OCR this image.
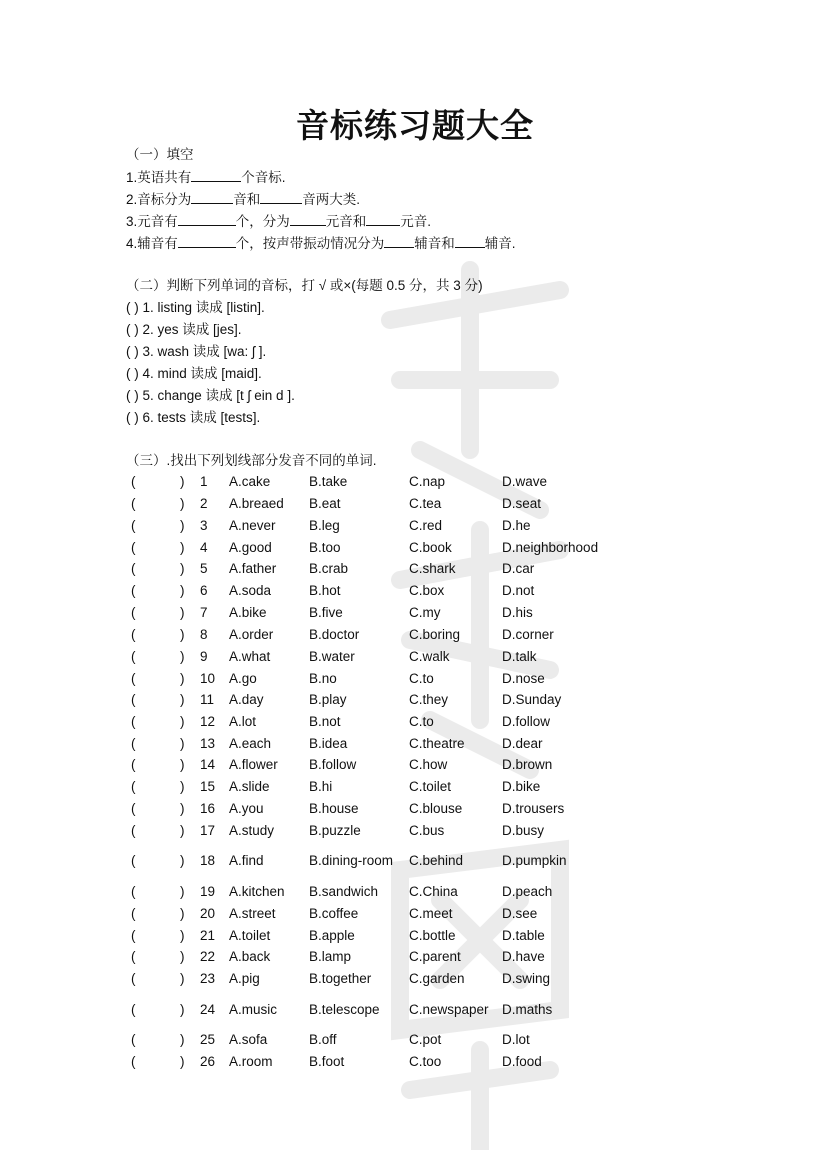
音标练习题大全
（一）填空
1.英语共有	个音标.
2.音标分为	音和	音两大类.
3.元音有	个，分为	元音和	元音.
4.辅音有	个，按声带振动情况分为 辅音和 辅音.
（二）判断下列单词的音标，打 √ 或×(每题 0.5 分，共 3 分)
( ) 1. listing 读成 [listin].
( ) 2. yes 读成 [jes].
( ) 3. wash 读成 [wa: ʃ ].
( ) 4. mind 读成 [maid].
( ) 5. change 读成 [t ʃ ein d ].
( ) 6. tests 读成 [tests].
（三）.找出下列划线部分发音不同的单词.
(	) 1 A.cake	B.take	C.nap	D.wave
(	) 2 A.breaed B.eat	C.tea	D.seat
(	) 3 A.never B.leg	C.red	D.he
(	) 4 A.good	B.too	C.book	D.neighborhood
(	) 5 A.father B.crab	C.shark	D.car
(	) 6 A.soda	B.hot	C.box	D.not
(	) 7 A.bike	B.five	C.my	D.his
(	) 8 A.order	B.doctor	C.boring	D.corner
(	) 9 A.what	B.water	C.walk	D.talk
(	) 10 A.go	B.no	C.to	D.nose
(	) 11 A.day	B.play	C.they	D.Sunday
(	) 12 A.lot	B.not	C.to	D.follow
(	) 13 A.each	B.idea	C.theatre	D.dear
(	) 14 A.flower B.follow	C.how	D.brown
(	) 15 A.slide	B.hi	C.toilet	D.bike
(	) 16 A.you	B.house	C.blouse	D.trousers
(	) 17 A.study	B.puzzle	C.bus	D.busy
(	) 18 A.find	B.dining-room C.behind	D.pumpkin
(	) 19 A.kitchen B.sandwich C.China	D.peach
(	) 20 A.street B.coffee	C.meet	D.see
(	) 21 A.toilet	B.apple	C.bottle	D.table
(	) 22 A.back	B.lamp	C.parent	D.have
(	) 23 A.pig	B.together	C.garden	D.swing
(	) 24 A.music B.telescope C.newspaper D.maths
(	) 25 A.sofa	B.off	C.pot	D.lot
(	) 26 A.room	B.foot	C.too	D.food
